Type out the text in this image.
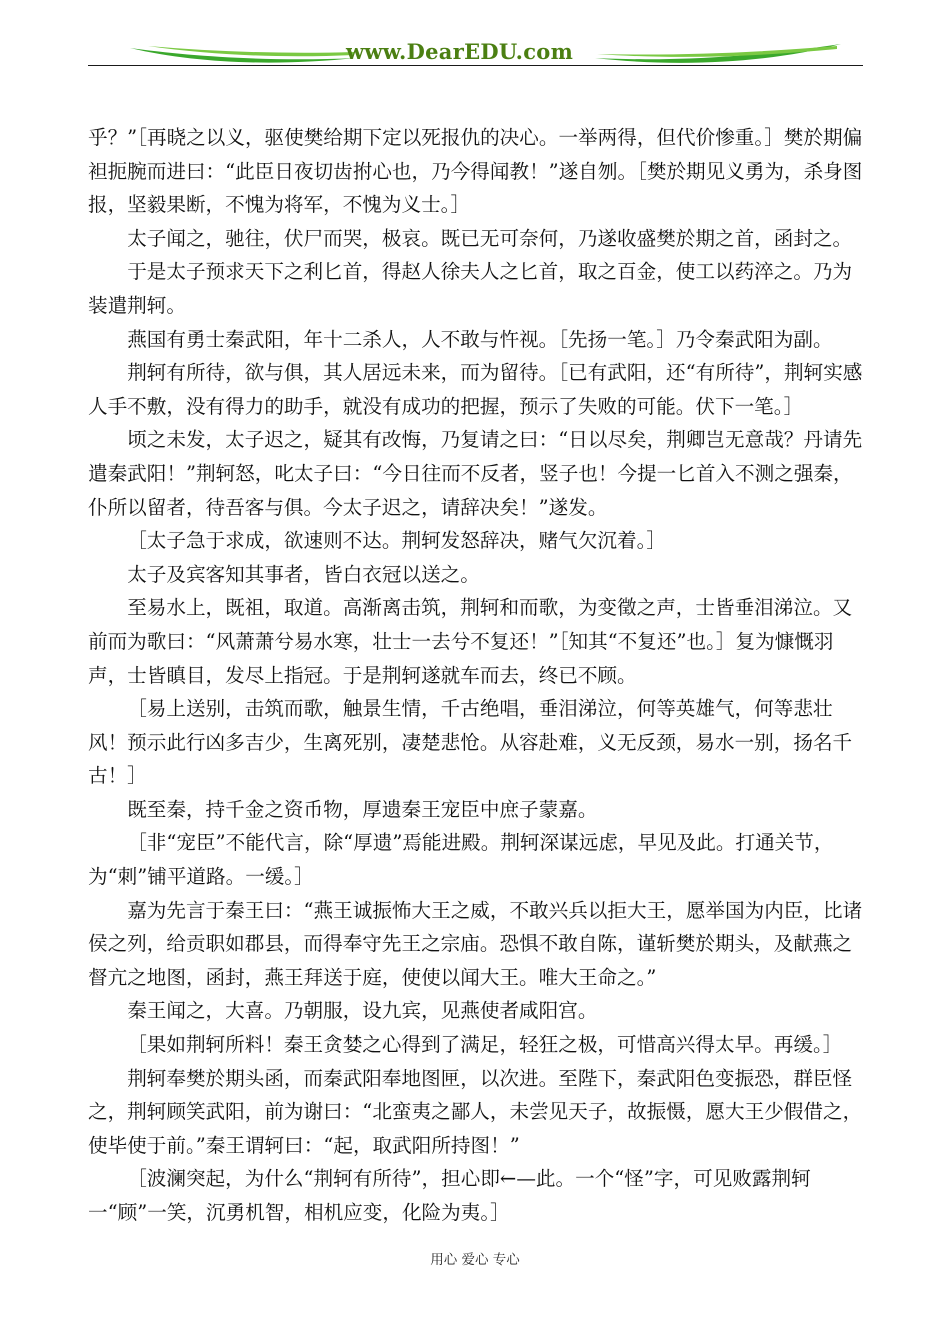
www.DearEDU.com

乎？”［再晓之以义，驱使樊给期下定以死报仇的决心。一举两得，但代价惨重。］樊於期偏袒扼腕而进曰：“此臣日夜切齿拊心也，乃今得闻教！”遂自刎。［樊於期见义勇为，杀身图报，坚毅果断，不愧为将军，不愧为义士。］

太子闻之，驰往，伏尸而哭，极哀。既已无可奈何，乃遂收盛樊於期之首，函封之。

于是太子预求天下之利匕首，得赵人徐夫人之匕首，取之百金，使工以药淬之。乃为装遣荆轲。

燕国有勇士秦武阳，年十二杀人，人不敢与忤视。［先扬一笔。］乃令秦武阳为副。

荆轲有所待，欲与俱，其人居远未来，而为留待。［已有武阳，还“有所待”，荆轲实感人手不敷，没有得力的助手，就没有成功的把握，预示了失败的可能。伏下一笔。］

顷之未发，太子迟之，疑其有改悔，乃复请之曰：“日以尽矣，荆卿岂无意哉？丹请先遣秦武阳！”荆轲怒，叱太子曰：“今日往而不反者，竖子也！今提一匕首入不测之强秦，仆所以留者，待吾客与俱。今太子迟之，请辞决矣！”遂发。

［太子急于求成，欲速则不达。荆轲发怒辞决，赌气欠沉着。］

太子及宾客知其事者，皆白衣冠以送之。

至易水上，既祖，取道。高渐离击筑，荆轲和而歌，为变徵之声，士皆垂泪涕泣。又前而为歌曰：“风萧萧兮易水寒，壮士一去兮不复还！”［知其“不复还”也。］复为慷慨羽声，士皆瞋目，发尽上指冠。于是荆轲遂就车而去，终已不顾。

［易上送别，击筑而歌，触景生情，千古绝唱，垂泪涕泣，何等英雄气，何等悲壮风！预示此行凶多吉少，生离死别，凄楚悲怆。从容赴难，义无反颈，易水一别，扬名千古！］

既至秦，持千金之资币物，厚遗秦王宠臣中庶子蒙嘉。

［非“宠臣”不能代言，除“厚遗”焉能进殿。荆轲深谋远虑，早见及此。打通关节，为“刺”铺平道路。一缓。］

嘉为先言于秦王曰：“燕王诚振怖大王之威，不敢兴兵以拒大王，愿举国为内臣，比诸侯之列，给贡职如郡县，而得奉守先王之宗庙。恐惧不敢自陈，谨斩樊於期头，及献燕之督亢之地图，函封，燕王拜送于庭，使使以闻大王。唯大王命之。”

秦王闻之，大喜。乃朝服，设九宾，见燕使者咸阳宫。

［果如荆轲所料！秦王贪婪之心得到了满足，轻狂之极，可惜高兴得太早。再缓。］

荆轲奉樊於期头函，而秦武阳奉地图匣，以次进。至陛下，秦武阳色变振恐，群臣怪之，荆轲顾笑武阳，前为谢曰：“北蛮夷之鄙人，未尝见天子，故振慑，愿大王少假借之，使毕使于前。”秦王谓轲曰：“起，取武阳所持图！”

［波澜突起，为什么“荆轲有所待”，担心即←—此。一个“怪”字，可见败露荆轲一“顾”一笑，沉勇机智，相机应变，化险为夷。］

用心 爱心 专心
